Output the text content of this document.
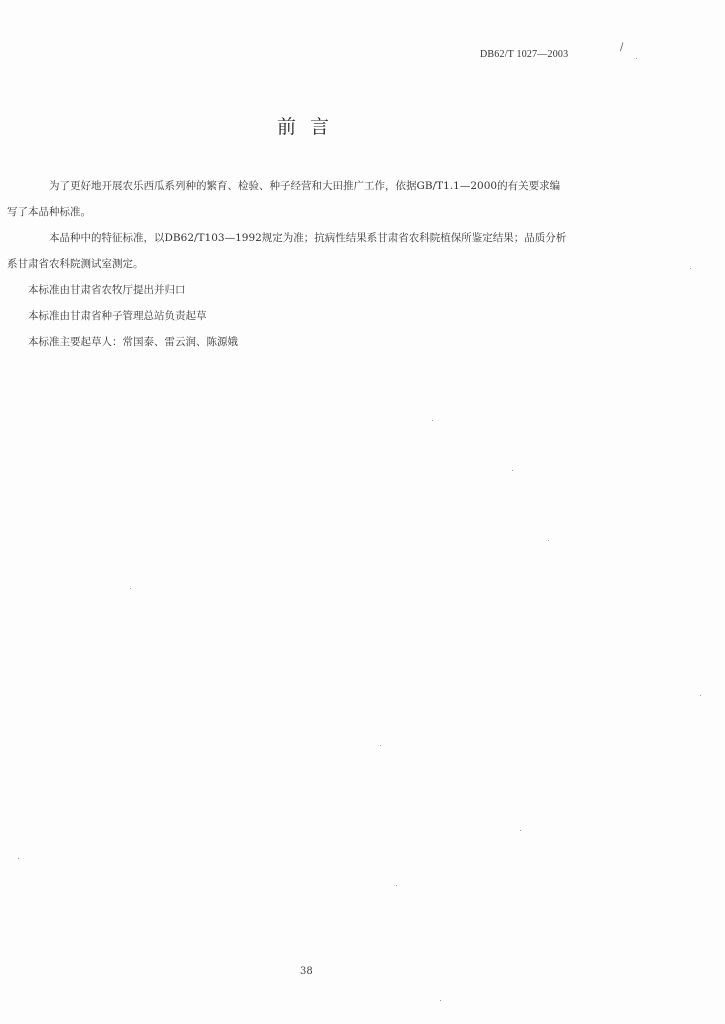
DB62/T 1027—2003
/
前言
为了更好地开展农乐西瓜系列种的繁育、检验、种子经营和大田推广工作，依据GB/T1.1—2000的有关要求编
写了本品种标准。
本品种中的特征标准，以DB62/T103—1992规定为准；抗病性结果系甘肃省农科院植保所鉴定结果；品质分析
系甘肃省农科院测试室测定。
本标准由甘肃省农牧厅提出并归口
本标准由甘肃省种子管理总站负责起草
本标准主要起草人：常国泰、雷云润、陈源娥
38
